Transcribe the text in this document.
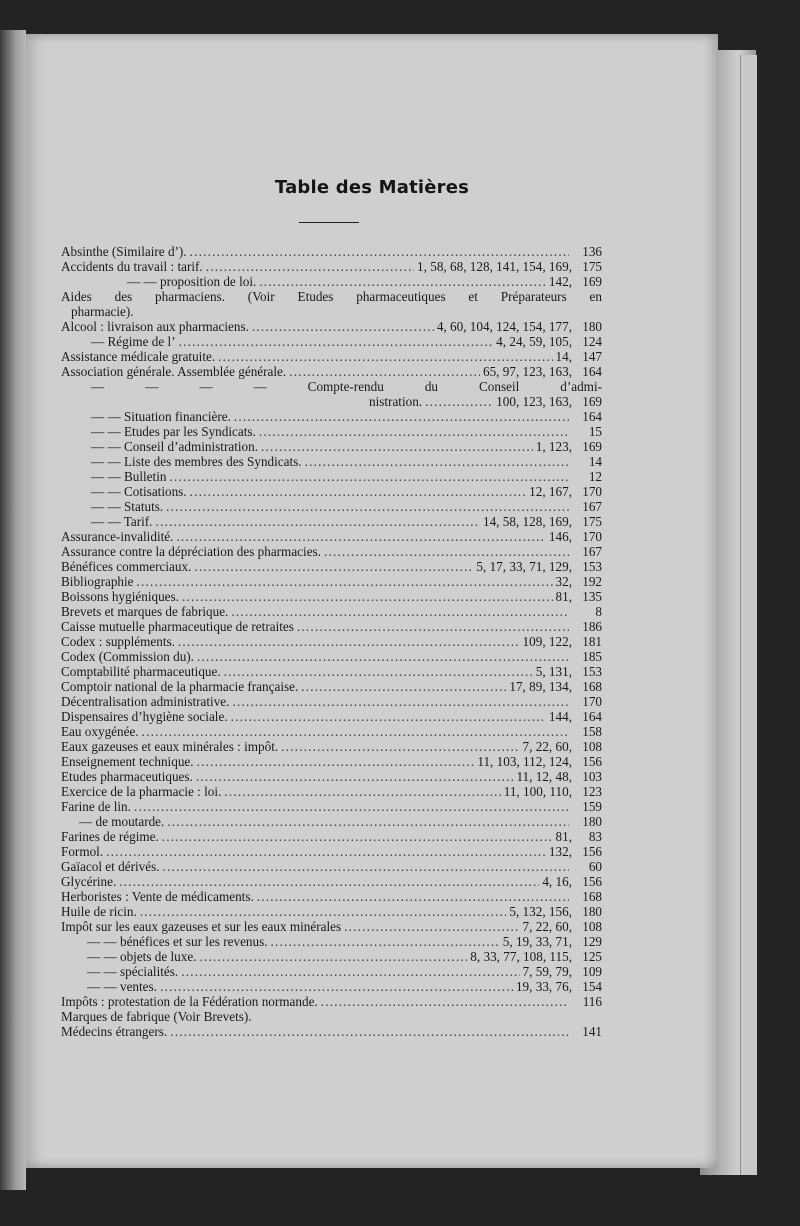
Table des Matières
Absinthe (Similaire d’). .....	136
Accidents du travail : tarif. .....	1, 58, 68, 128, 141, 154, 169, 175
— — proposition de loi. .....	142, 169
Aides des pharmaciens. (Voir Etudes pharmaceutiques et Préparateurs en
pharmacie).
Alcool : livraison aux pharmaciens. .....	4, 60, 104, 124, 154, 177, 180
— Régime de l’ .....	4, 24, 59, 105, 124
Assistance médicale gratuite. .....	14, 147
Association générale. Assemblée générale. .....	65, 97, 123, 163, 164
— — — — Compte-rendu du Conseil d’admi-
nistration. .....	100, 123, 163, 169
— — Situation financière. .....	164
— — Etudes par les Syndicats. .....	15
— — Conseil d’administration. .....	1, 123, 169
— — Liste des membres des Syndicats. .....	14
— — Bulletin .....	12
— — Cotisations. .....	12, 167, 170
— — Statuts. .....	167
— — Tarif. .....	14, 58, 128, 169, 175
Assurance-invalidité. .....	146, 170
Assurance contre la dépréciation des pharmacies. .....	167
Bénéfices commerciaux. .....	5, 17, 33, 71, 129, 153
Bibliographie .....	32, 192
Boissons hygiéniques. .....	81, 135
Brevets et marques de fabrique. .....	8
Caisse mutuelle pharmaceutique de retraites .....	186
Codex : suppléments. .....	109, 122, 181
Codex (Commission du). .....	185
Comptabilité pharmaceutique. .....	5, 131, 153
Comptoir national de la pharmacie française. .....	17, 89, 134, 168
Décentralisation administrative. .....	170
Dispensaires d’hygiène sociale. .....	144, 164
Eau oxygénée. .....	158
Eaux gazeuses et eaux minérales : impôt. .....	7, 22, 60, 108
Enseignement technique. .....	11, 103, 112, 124, 156
Etudes pharmaceutiques. .....	11, 12, 48, 103
Exercice de la pharmacie : loi. .....	11, 100, 110, 123
Farine de lin. .....	159
— de moutarde. .....	180
Farines de régime. .....	81,	83
Formol. .....	132, 156
Gaïacol et dérivés. .....	60
Glycérine. .....	4, 16, 156
Herboristes : Vente de médicaments. .....	168
Huile de ricin. .....	5, 132, 156, 180
Impôt sur les eaux gazeuses et sur les eaux minérales .....	7, 22, 60, 108
— — bénéfices et sur les revenus. .....	5, 19, 33, 71, 129
— — objets de luxe. .....	8, 33, 77, 108, 115, 125
— — spécialités. .....	7, 59, 79, 109
— — ventes. .....	19, 33, 76, 154
Impôts : protestation de la Fédération normande. .....	116
Marques de fabrique (Voir Brevets).
Médecins étrangers. .....	141
